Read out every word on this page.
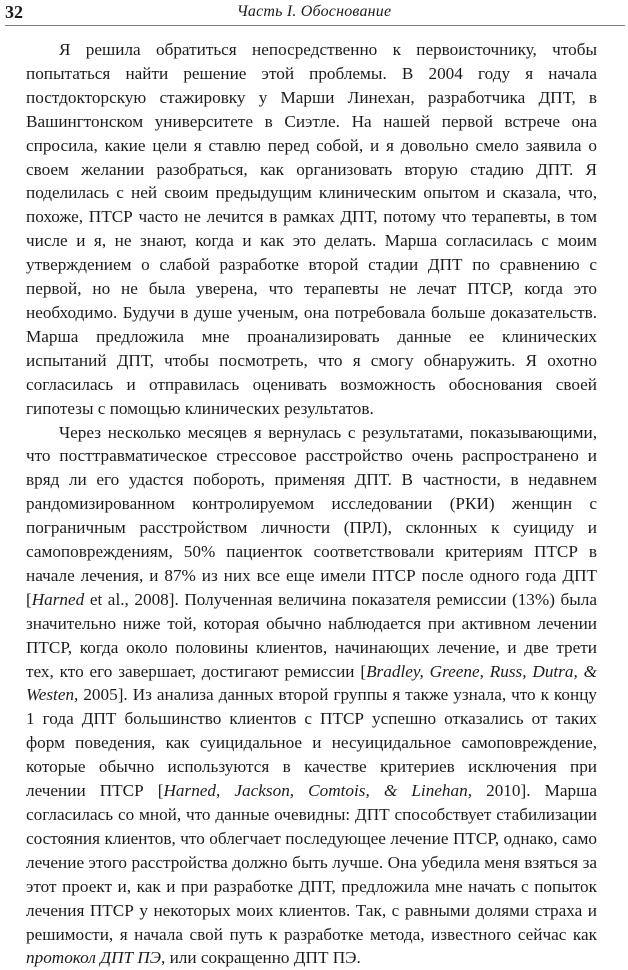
32	Часть I. Обоснование

Я решила обратиться непосредственно к первоисточнику, чтобы попытаться найти решение этой проблемы. В 2004 году я начала постдокторскую стажировку у Марши Линехан, разработчика ДПТ, в Вашингтонском университете в Сиэтле. На нашей первой встрече она спросила, какие цели я ставлю перед собой, и я довольно смело заявила о своем желании разобраться, как организовать вторую стадию ДПТ. Я поделилась с ней своим предыдущим клиническим опытом и сказала, что, похоже, ПТСР часто не лечится в рамках ДПТ, потому что терапевты, в том числе и я, не знают, когда и как это делать. Марша согласилась с моим утверждением о слабой разработке второй стадии ДПТ по сравнению с первой, но не была уверена, что терапевты не лечат ПТСР, когда это необходимо. Будучи в душе ученым, она потребовала больше доказательств. Марша предложила мне проанализировать данные ее клинических испытаний ДПТ, чтобы посмотреть, что я смогу обнаружить. Я охотно согласилась и отправилась оценивать возможность обоснования своей гипотезы с помощью клинических результатов.

Через несколько месяцев я вернулась с результатами, показывающими, что посттравматическое стрессовое расстройство очень распространено и вряд ли его удастся побороть, применяя ДПТ. В частности, в недавнем рандомизированном контролируемом исследовании (РКИ) женщин с пограничным расстройством личности (ПРЛ), склонных к суициду и самоповреждениям, 50% пациенток соответствовали критериям ПТСР в начале лечения, и 87% из них все еще имели ПТСР после одного года ДПТ [Harned et al., 2008]. Полученная величина показателя ремиссии (13%) была значительно ниже той, которая обычно наблюдается при активном лечении ПТСР, когда около половины клиентов, начинающих лечение, и две трети тех, кто его завершает, достигают ремиссии [Bradley, Greene, Russ, Dutra, & Westen, 2005]. Из анализа данных второй группы я также узнала, что к концу 1 года ДПТ большинство клиентов с ПТСР успешно отказались от таких форм поведения, как суицидальное и несуицидальное самоповреждение, которые обычно используются в качестве критериев исключения при лечении ПТСР [Harned, Jackson, Comtois, & Linehan, 2010]. Марша согласилась со мной, что данные очевидны: ДПТ способствует стабилизации состояния клиентов, что облегчает последующее лечение ПТСР, однако, само лечение этого расстройства должно быть лучше. Она убедила меня взяться за этот проект и, как и при разработке ДПТ, предложила мне начать с попыток лечения ПТСР у некоторых моих клиентов. Так, с равными долями страха и решимости, я начала свой путь к разработке метода, известного сейчас как протокол ДПТ ПЭ, или сокращенно ДПТ ПЭ.
